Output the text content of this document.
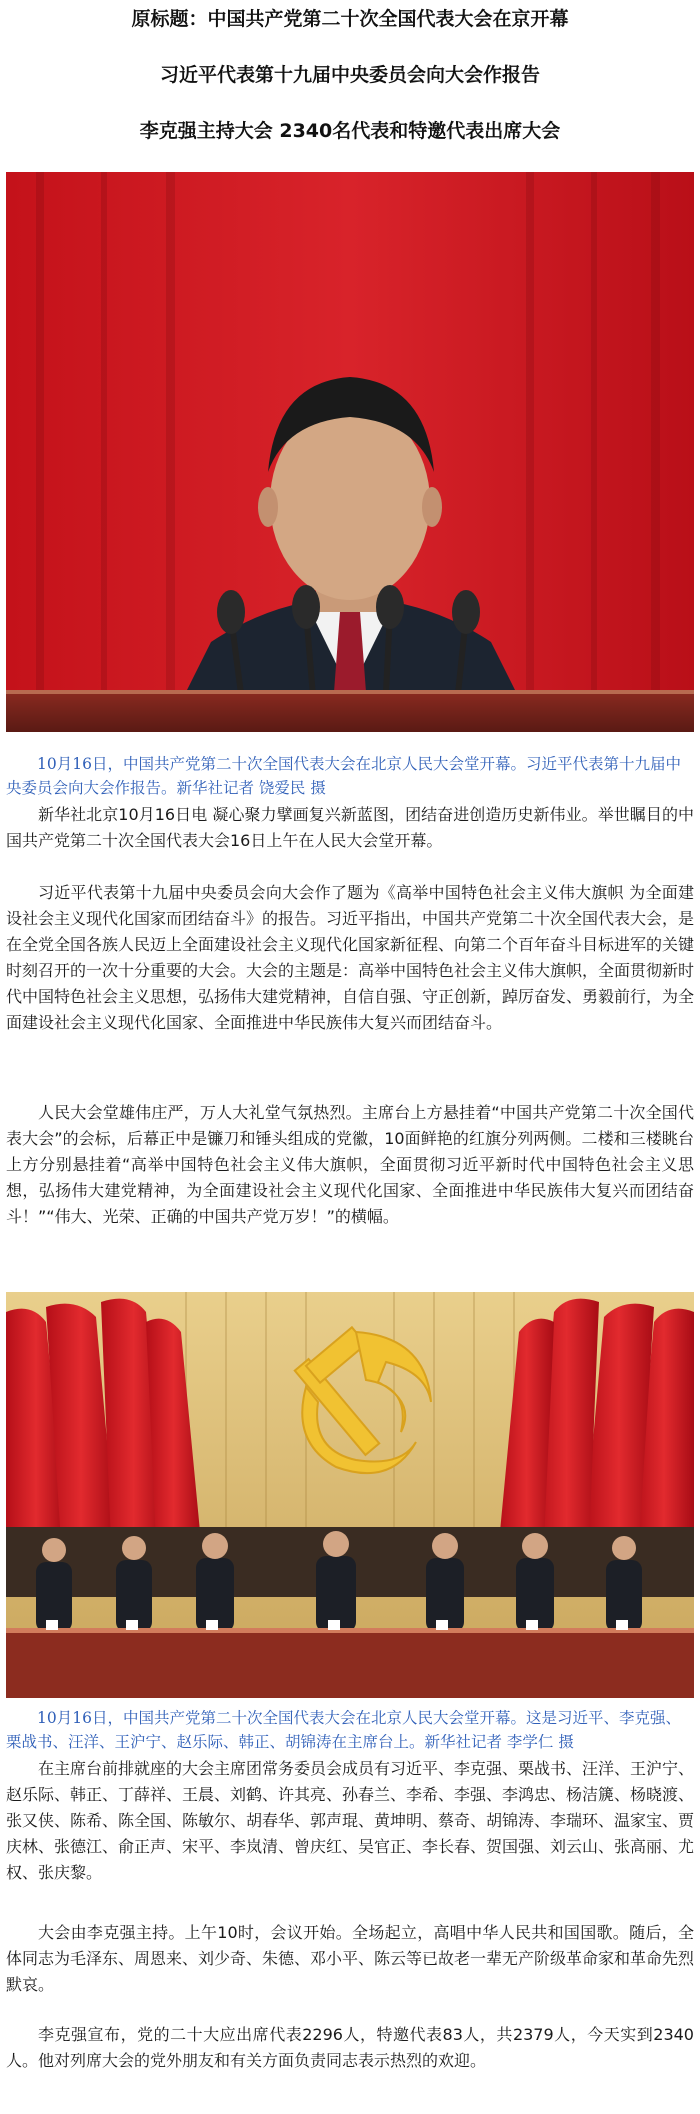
原标题：中国共产党第二十次全国代表大会在京开幕
习近平代表第十九届中央委员会向大会作报告
李克强主持大会 2340名代表和特邀代表出席大会
10月16日，中国共产党第二十次全国代表大会在北京人民大会堂开幕。习近平代表第十九届中央委员会向大会作报告。新华社记者 饶爱民 摄
新华社北京10月16日电 凝心聚力擘画复兴新蓝图，团结奋进创造历史新伟业。举世瞩目的中国共产党第二十次全国代表大会16日上午在人民大会堂开幕。
习近平代表第十九届中央委员会向大会作了题为《高举中国特色社会主义伟大旗帜 为全面建设社会主义现代化国家而团结奋斗》的报告。习近平指出，中国共产党第二十次全国代表大会，是在全党全国各族人民迈上全面建设社会主义现代化国家新征程、向第二个百年奋斗目标进军的关键时刻召开的一次十分重要的大会。大会的主题是：高举中国特色社会主义伟大旗帜，全面贯彻新时代中国特色社会主义思想，弘扬伟大建党精神，自信自强、守正创新，踔厉奋发、勇毅前行，为全面建设社会主义现代化国家、全面推进中华民族伟大复兴而团结奋斗。
人民大会堂雄伟庄严，万人大礼堂气氛热烈。主席台上方悬挂着“中国共产党第二十次全国代表大会”的会标，后幕正中是镰刀和锤头组成的党徽，10面鲜艳的红旗分列两侧。二楼和三楼眺台上方分别悬挂着“高举中国特色社会主义伟大旗帜，全面贯彻习近平新时代中国特色社会主义思想，弘扬伟大建党精神，为全面建设社会主义现代化国家、全面推进中华民族伟大复兴而团结奋斗！”“伟大、光荣、正确的中国共产党万岁！”的横幅。
10月16日，中国共产党第二十次全国代表大会在北京人民大会堂开幕。这是习近平、李克强、栗战书、汪洋、王沪宁、赵乐际、韩正、胡锦涛在主席台上。新华社记者 李学仁 摄
在主席台前排就座的大会主席团常务委员会成员有习近平、李克强、栗战书、汪洋、王沪宁、赵乐际、韩正、丁薛祥、王晨、刘鹤、许其亮、孙春兰、李希、李强、李鸿忠、杨洁篪、杨晓渡、张又侠、陈希、陈全国、陈敏尔、胡春华、郭声琨、黄坤明、蔡奇、胡锦涛、李瑞环、温家宝、贾庆林、张德江、俞正声、宋平、李岚清、曾庆红、吴官正、李长春、贺国强、刘云山、张高丽、尤权、张庆黎。
大会由李克强主持。上午10时，会议开始。全场起立，高唱中华人民共和国国歌。随后，全体同志为毛泽东、周恩来、刘少奇、朱德、邓小平、陈云等已故老一辈无产阶级革命家和革命先烈默哀。
李克强宣布，党的二十大应出席代表2296人，特邀代表83人，共2379人，今天实到2340人。他对列席大会的党外朋友和有关方面负责同志表示热烈的欢迎。
